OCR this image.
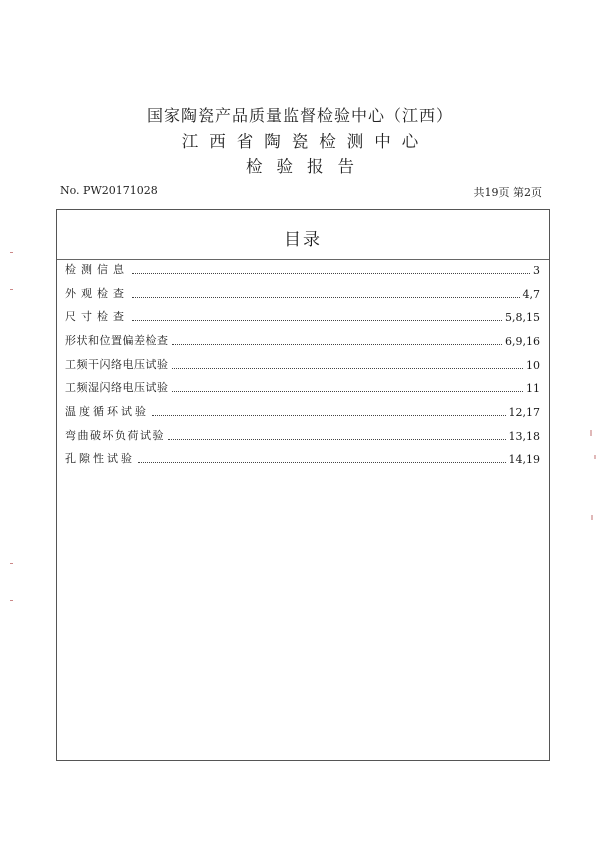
国家陶瓷产品质量监督检验中心（江西）
江西省陶瓷检测中心
检验报告
No. PW20171028	共19页 第2页
目录
检测信息	3
外观检查	4,7
尺寸检查	5,8,15
形状和位置偏差检查	6,9,16
工频干闪络电压试验	10
工频湿闪络电压试验	11
温度循环试验	12,17
弯曲破坏负荷试验	13,18
孔隙性试验	14,19
